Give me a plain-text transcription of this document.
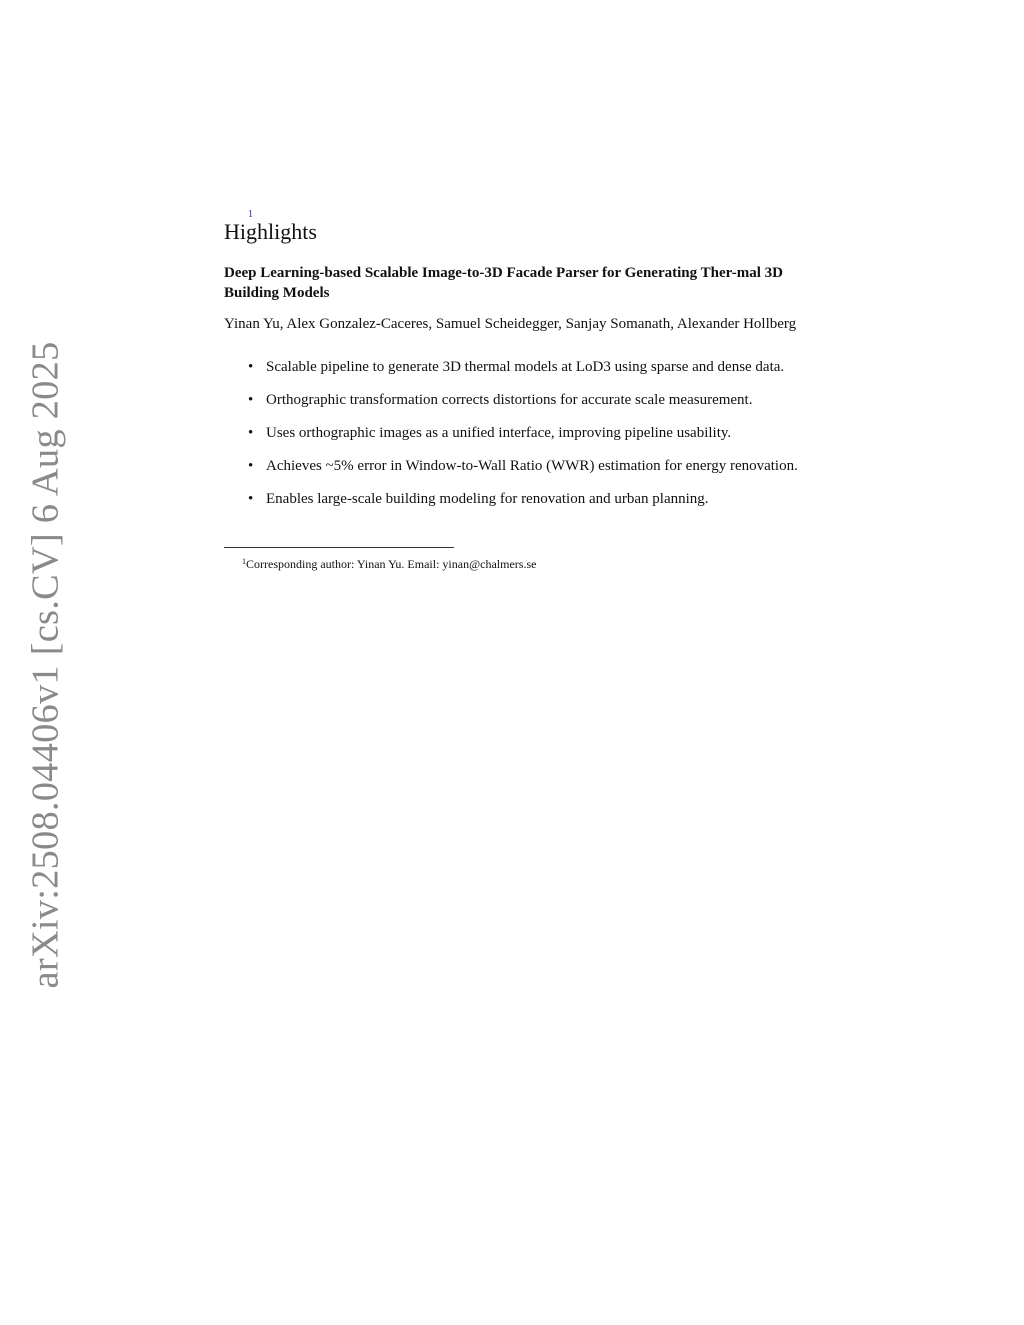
arXiv:2508.04406v1 [cs.CV] 6 Aug 2025
1
Highlights
Deep Learning-based Scalable Image-to-3D Facade Parser for Generating Ther-mal 3D Building Models
Yinan Yu, Alex Gonzalez-Caceres, Samuel Scheidegger, Sanjay Somanath, Alexander Hollberg
• Scalable pipeline to generate 3D thermal models at LoD3 using sparse and dense data.
• Orthographic transformation corrects distortions for accurate scale measurement.
• Uses orthographic images as a unified interface, improving pipeline usability.
• Achieves ~5% error in Window-to-Wall Ratio (WWR) estimation for energy renovation.
• Enables large-scale building modeling for renovation and urban planning.
$^1$Corresponding author: Yinan Yu. Email: yinan@chalmers.se
